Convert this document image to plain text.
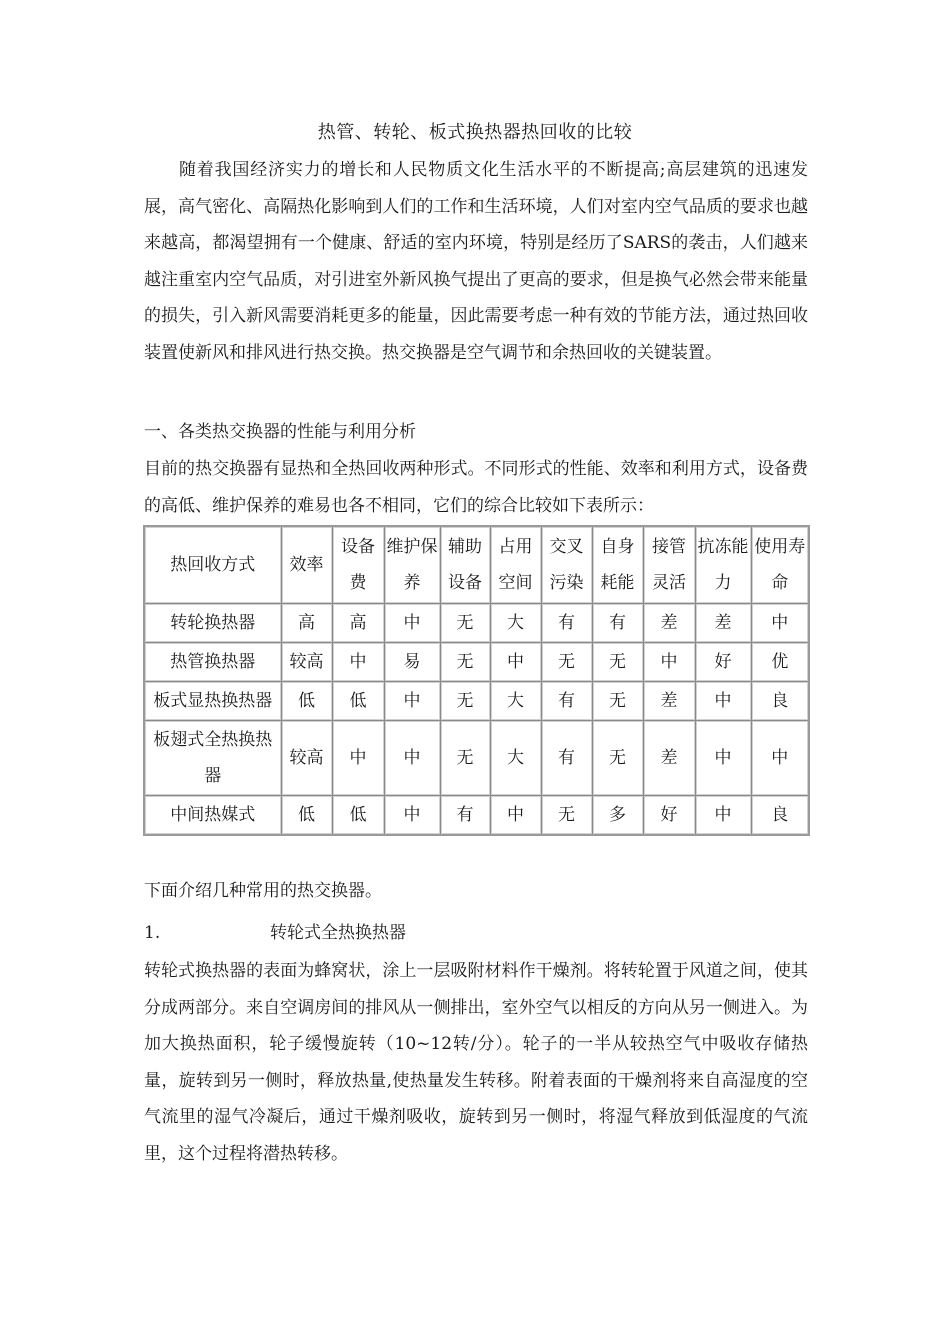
热管、转轮、板式换热器热回收的比较
随着我国经济实力的增长和人民物质文化生活水平的不断提高;高层建筑的迅速发展，高气密化、高隔热化影响到人们的工作和生活环境，人们对室内空气品质的要求也越来越高，都渴望拥有一个健康、舒适的室内环境，特别是经历了SARS的袭击，人们越来越注重室内空气品质，对引进室外新风换气提出了更高的要求，但是换气必然会带来能量的损失，引入新风需要消耗更多的能量，因此需要考虑一种有效的节能方法，通过热回收装置使新风和排风进行热交换。热交换器是空气调节和余热回收的关键装置。
一、各类热交换器的性能与利用分析
目前的热交换器有显热和全热回收两种形式。不同形式的性能、效率和利用方式，设备费的高低、维护保养的难易也各不相同，它们的综合比较如下表所示：
热回收方式	效率	设备费	维护保养	辅助设备	占用空间	交叉污染	自身耗能	接管灵活	抗冻能力	使用寿命
转轮换热器	高	高	中	无	大	有	有	差	差	中
热管换热器	较高	中	易	无	中	无	无	中	好	优
板式显热换热器	低	低	中	无	大	有	无	差	中	良
板翅式全热换热器	较高	中	中	无	大	有	无	差	中	中
中间热媒式	低	低	中	有	中	无	多	好	中	良
下面介绍几种常用的热交换器。
1.	转轮式全热换热器
转轮式换热器的表面为蜂窝状，涂上一层吸附材料作干燥剂。将转轮置于风道之间，使其分成两部分。来自空调房间的排风从一侧排出，室外空气以相反的方向从另一侧进入。为加大换热面积，轮子缓慢旋转（10~12转/分）。轮子的一半从较热空气中吸收存储热量，旋转到另一侧时，释放热量,使热量发生转移。附着表面的干燥剂将来自高湿度的空气流里的湿气冷凝后，通过干燥剂吸收，旋转到另一侧时，将湿气释放到低湿度的气流里，这个过程将潜热转移。
